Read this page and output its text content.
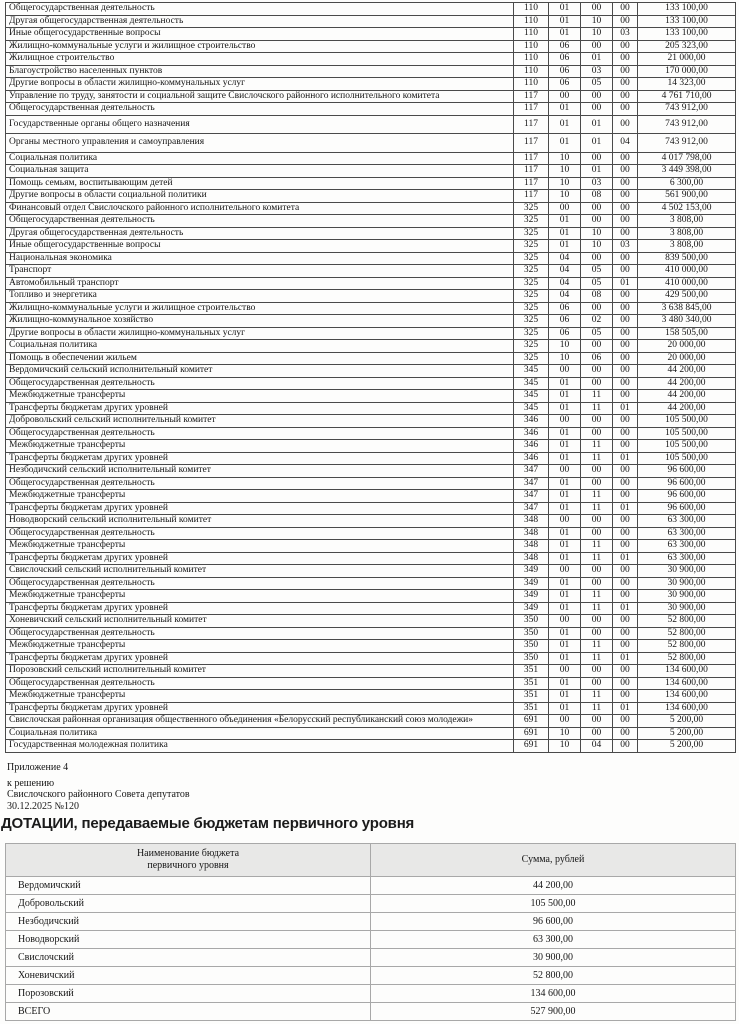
Общегосударственная деятельность	110	01	00	00	133 100,00
Другая общегосударственная деятельность	110	01	10	00	133 100,00
Иные общегосударственные вопросы	110	01	10	03	133 100,00
Жилищно-коммунальные услуги и жилищное строительство	110	06	00	00	205 323,00
Жилищное строительство	110	06	01	00	21 000,00
Благоустройство населенных пунктов	110	06	03	00	170 000,00
Другие вопросы в области жилищно-коммунальных услуг	110	06	05	00	14 323,00
Управление по труду, занятости и социальной защите Свислочского районного исполнительного комитета	117	00	00	00	4 761 710,00
Общегосударственная деятельность	117	01	00	00	743 912,00
Государственные органы общего назначения	117	01	01	00	743 912,00
Органы местного управления и самоуправления	117	01	01	04	743 912,00
Социальная политика	117	10	00	00	4 017 798,00
Социальная защита	117	10	01	00	3 449 398,00
Помощь семьям, воспитывающим детей	117	10	03	00	6 300,00
Другие вопросы в области социальной политики	117	10	08	00	561 900,00
Финансовый отдел Свислочского районного исполнительного комитета	325	00	00	00	4 502 153,00
Общегосударственная деятельность	325	01	00	00	3 808,00
Другая общегосударственная деятельность	325	01	10	00	3 808,00
Иные общегосударственные вопросы	325	01	10	03	3 808,00
Национальная экономика	325	04	00	00	839 500,00
Транспорт	325	04	05	00	410 000,00
Автомобильный транспорт	325	04	05	01	410 000,00
Топливо и энергетика	325	04	08	00	429 500,00
Жилищно-коммунальные услуги и жилищное строительство	325	06	00	00	3 638 845,00
Жилищно-коммунальное хозяйство	325	06	02	00	3 480 340,00
Другие вопросы в области жилищно-коммунальных услуг	325	06	05	00	158 505,00
Социальная политика	325	10	00	00	20 000,00
Помощь в обеспечении жильем	325	10	06	00	20 000,00
Вердомичский сельский исполнительный комитет	345	00	00	00	44 200,00
Общегосударственная деятельность	345	01	00	00	44 200,00
Межбюджетные трансферты	345	01	11	00	44 200,00
Трансферты бюджетам других уровней	345	01	11	01	44 200,00
Добровольский сельский исполнительный комитет	346	00	00	00	105 500,00
Общегосударственная деятельность	346	01	00	00	105 500,00
Межбюджетные трансферты	346	01	11	00	105 500,00
Трансферты бюджетам других уровней	346	01	11	01	105 500,00
Незбодичский сельский исполнительный комитет	347	00	00	00	96 600,00
Общегосударственная деятельность	347	01	00	00	96 600,00
Межбюджетные трансферты	347	01	11	00	96 600,00
Трансферты бюджетам других уровней	347	01	11	01	96 600,00
Новодворский сельский исполнительный комитет	348	00	00	00	63 300,00
Общегосударственная деятельность	348	01	00	00	63 300,00
Межбюджетные трансферты	348	01	11	00	63 300,00
Трансферты бюджетам других уровней	348	01	11	01	63 300,00
Свислочский сельский исполнительный комитет	349	00	00	00	30 900,00
Общегосударственная деятельность	349	01	00	00	30 900,00
Межбюджетные трансферты	349	01	11	00	30 900,00
Трансферты бюджетам других уровней	349	01	11	01	30 900,00
Хоневичский сельский исполнительный комитет	350	00	00	00	52 800,00
Общегосударственная деятельность	350	01	00	00	52 800,00
Межбюджетные трансферты	350	01	11	00	52 800,00
Трансферты бюджетам других уровней	350	01	11	01	52 800,00
Порозовский сельский исполнительный комитет	351	00	00	00	134 600,00
Общегосударственная деятельность	351	01	00	00	134 600,00
Межбюджетные трансферты	351	01	11	00	134 600,00
Трансферты бюджетам других уровней	351	01	11	01	134 600,00
Свислочская районная организация общественного объединения «Белорусский республиканский союз молодежи»	691	00	00	00	5 200,00
Социальная политика	691	10	00	00	5 200,00
Государственная молодежная политика	691	10	04	00	5 200,00
Приложение 4
к решению
Свислочского районного Совета депутатов
30.12.2025 №120
ДОТАЦИИ, передаваемые бюджетам первичного уровня
Наименование бюджета
первичного уровня	Сумма, рублей
Вердомичский	44 200,00
Добровольский	105 500,00
Незбодичский	96 600,00
Новодворский	63 300,00
Свислочский	30 900,00
Хоневичский	52 800,00
Порозовский	134 600,00
ВСЕГО	527 900,00
